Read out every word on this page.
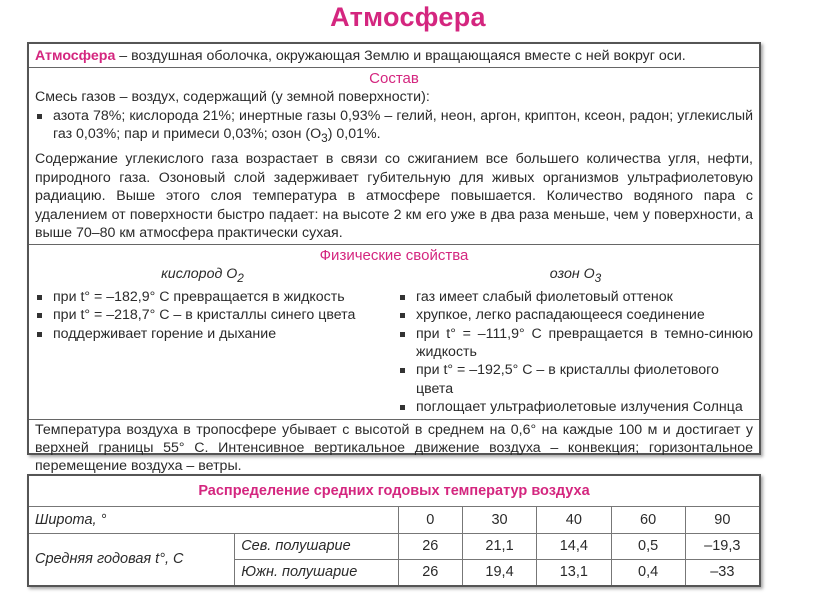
Атмосфера
Атмосфера – воздушная оболочка, окружающая Землю и вращающаяся вместе с ней вокруг оси.
Состав

Смесь газов – воздух, содержащий (у земной поверхности):

азота 78%; кислорода 21%; инертные газы 0,93% – гелий, неон, аргон, криптон, ксеон, радон; углекислый газ 0,03%; пар и примеси 0,03%; озон $(O_3)$ 0,01%.

Содержание углекислого газа возрастает в связи со сжиганием все большего количества угля, нефти, природного газа. Озоновый слой задерживает губительную для живых организмов ультрафиолетовую радиацию. Выше этого слоя температура в атмосфере повышается. Количество водяного пара с удалением от поверхности быстро падает: на высоте 2 км его уже в два раза меньше, чем у поверхности, а выше 70–80 км атмосфера практически сухая.

Физические свойства
кислород $O_2$
при t° = –182,9° С превращается в жидкость
при t° = –218,7° С – в кристаллы синего цвета
поддерживает горение и дыхание
озон $O_3$
газ имеет слабый фиолетовый оттенок
хрупкое, легко распадающееся соединение
при t° = –111,9° С превращается в темно-синюю жидкость
при t° = –192,5° С – в кристаллы фиолетового цвета
поглощает ультрафиолетовые излучения Солнца
Температура воздуха в тропосфере убывает с высотой в среднем на 0,6° на каждые 100 м и достигает у верхней границы 55° С. Интенсивное вертикальное движение воздуха – конвекция; горизонтальное перемещение воздуха – ветры.
Распределение средних годовых температур воздуха						
Широта, °		0	30	40	60	90
Средняя годовая t°, С	Сев. полушарие	26	21,1	14,4	0,5	–19,3
	Южн. полушарие	26	19,4	13,1	0,4	–33
